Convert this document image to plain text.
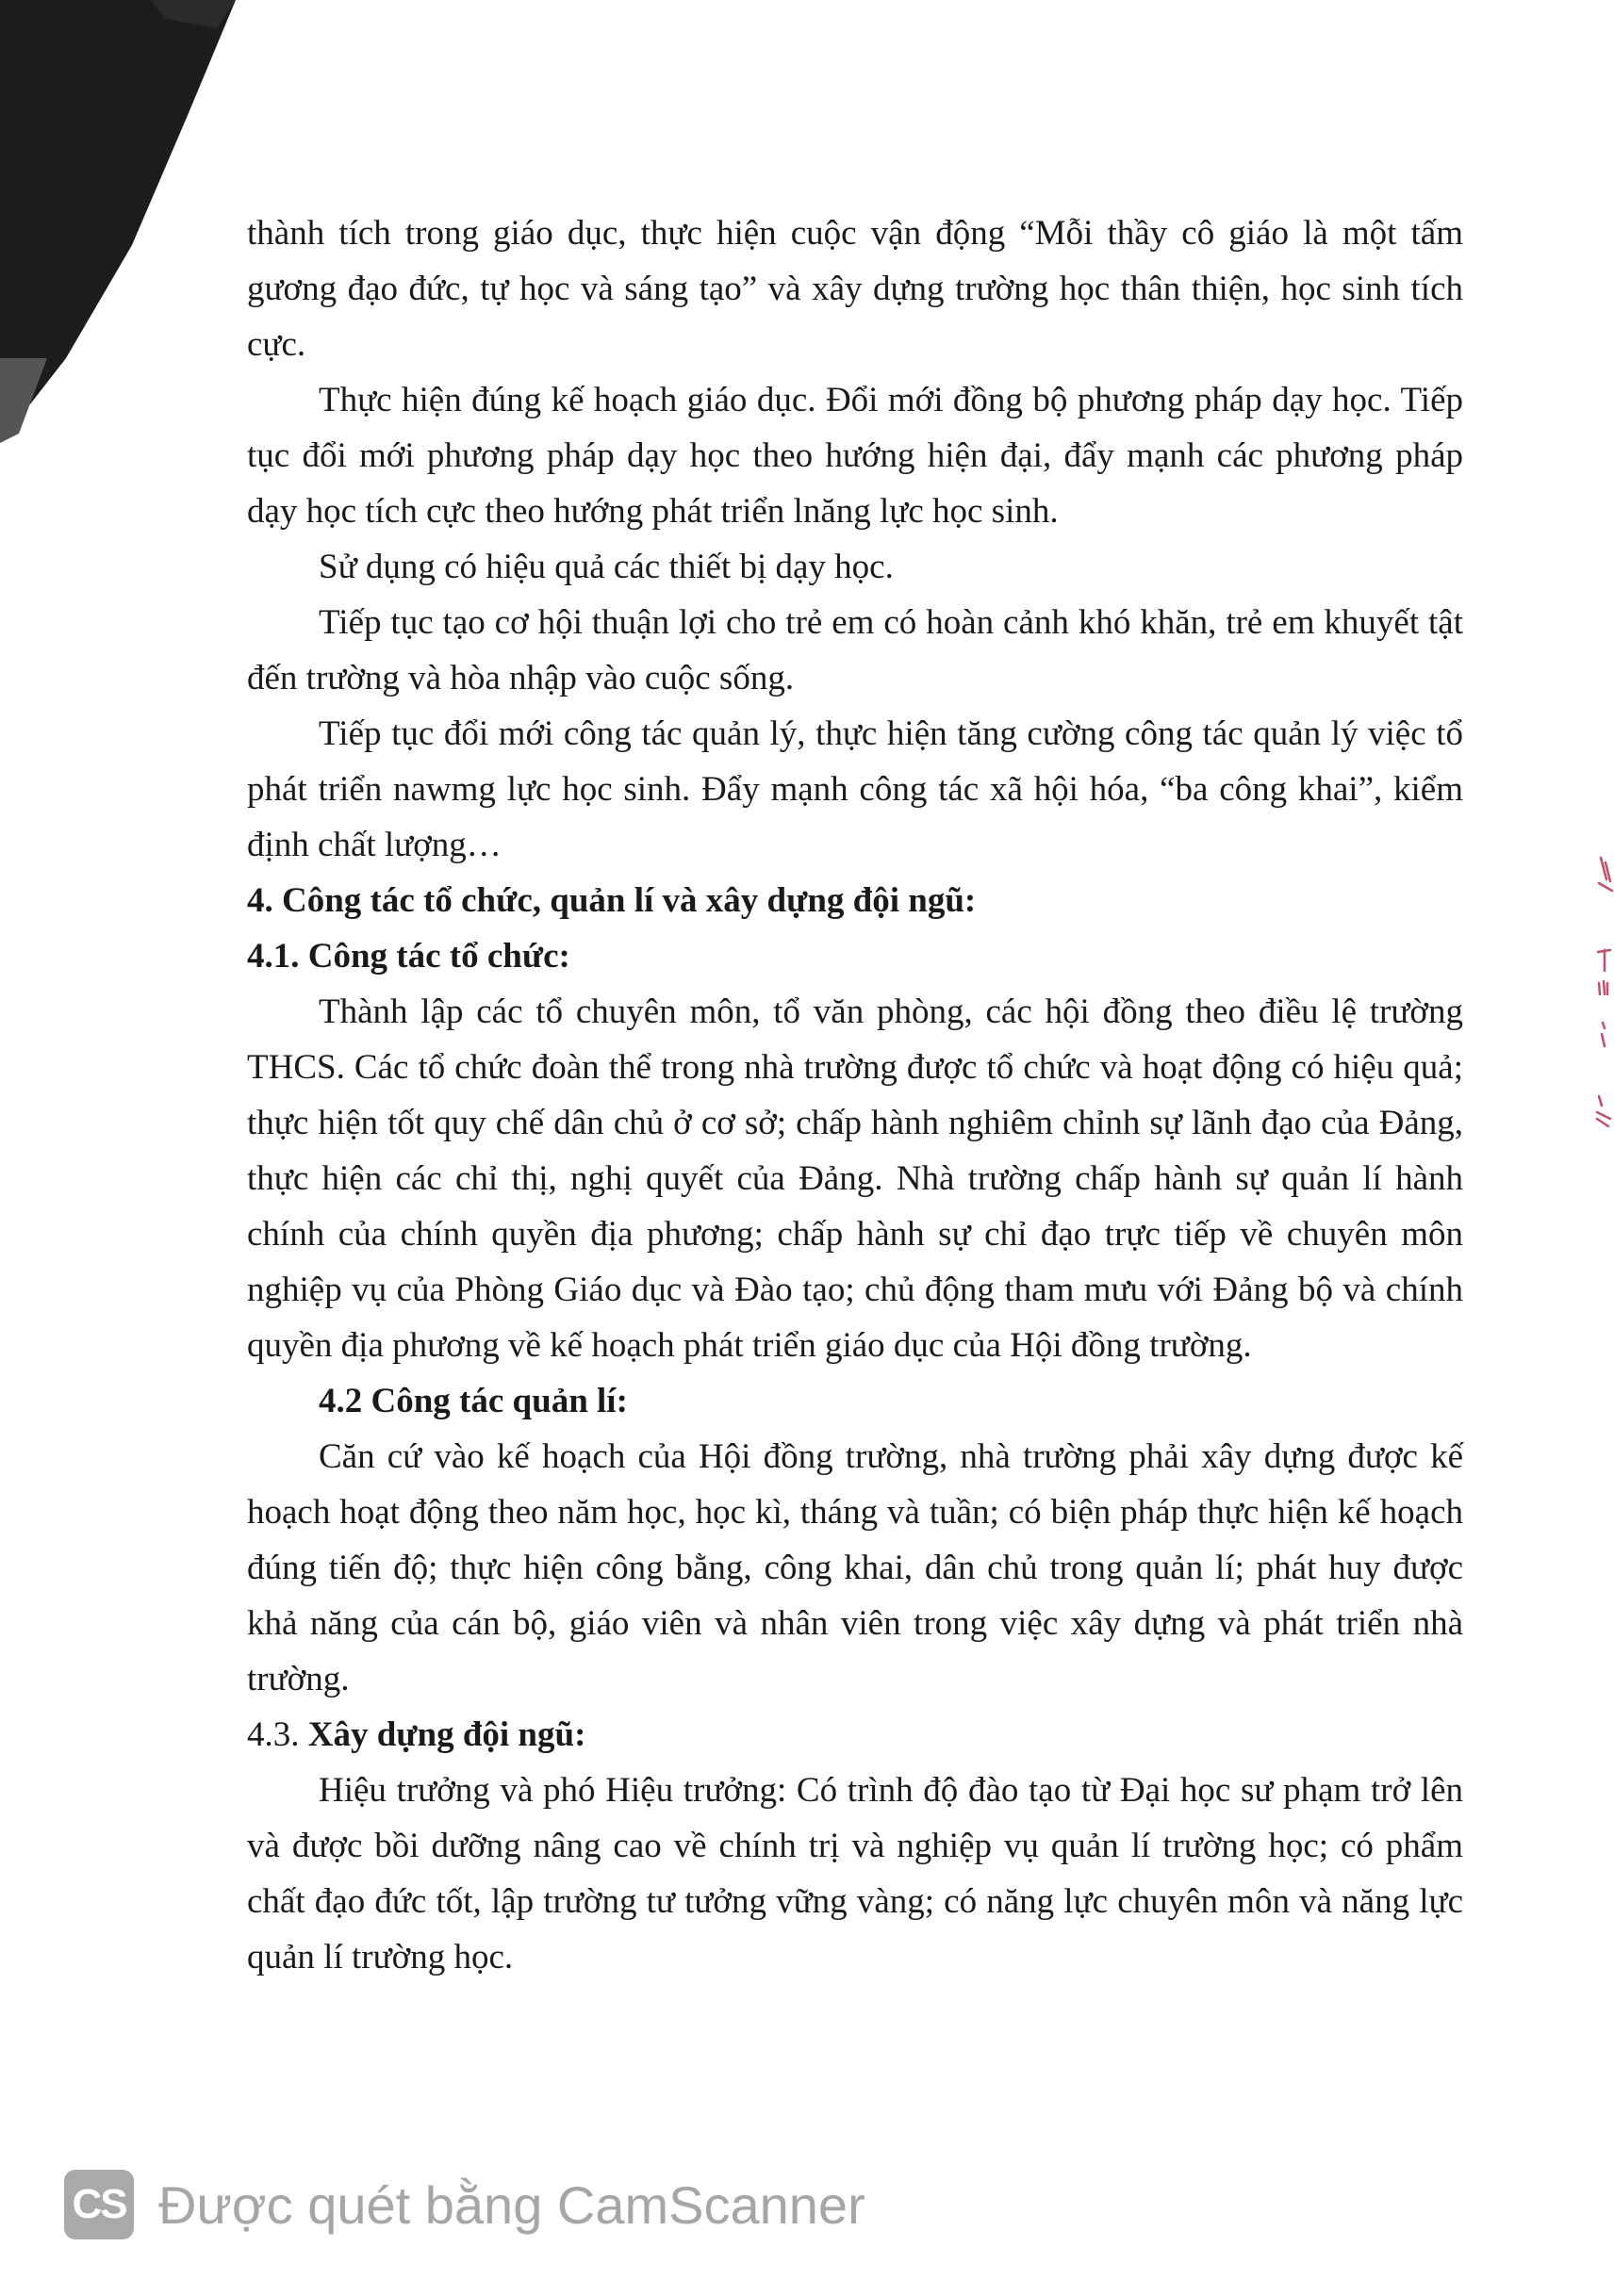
thành tích trong giáo dục, thực hiện cuộc vận động “Mỗi thầy cô giáo là một tấm gương đạo đức, tự học và sáng tạo” và xây dựng trường học thân thiện, học sinh tích cực.

Thực hiện đúng kế hoạch giáo dục. Đổi mới đồng bộ phương pháp dạy học. Tiếp tục đổi mới phương pháp dạy học theo hướng hiện đại, đẩy mạnh các phương pháp dạy học tích cực theo hướng phát triển lnăng lực học sinh.

Sử dụng có hiệu quả các thiết bị dạy học.

Tiếp tục tạo cơ hội thuận lợi cho trẻ em có hoàn cảnh khó khăn, trẻ em khuyết tật đến trường và hòa nhập vào cuộc sống.

Tiếp tục đổi mới công tác quản lý, thực hiện tăng cường công tác quản lý việc tổ phát triển nawmg lực học sinh. Đẩy mạnh công tác xã hội hóa, “ba công khai”, kiểm định chất lượng…

4. Công tác tổ chức, quản lí và xây dựng đội ngũ:
4.1. Công tác tổ chức:

Thành lập các tổ chuyên môn, tổ văn phòng, các hội đồng theo điều lệ trường THCS. Các tổ chức đoàn thể trong nhà trường được tổ chức và hoạt động có hiệu quả; thực hiện tốt quy chế dân chủ ở cơ sở; chấp hành nghiêm chỉnh sự lãnh đạo của Đảng, thực hiện các chỉ thị, nghị quyết của Đảng. Nhà trường chấp hành sự quản lí hành chính của chính quyền địa phương; chấp hành sự chỉ đạo trực tiếp về chuyên môn nghiệp vụ của Phòng Giáo dục và Đào tạo; chủ động tham mưu với Đảng bộ và chính quyền địa phương về kế hoạch phát triển giáo dục của Hội đồng trường.

4.2 Công tác quản lí:

Căn cứ vào kế hoạch của Hội đồng trường, nhà trường phải xây dựng được kế hoạch hoạt động theo năm học, học kì, tháng và tuần; có biện pháp thực hiện kế hoạch đúng tiến độ; thực hiện công bằng, công khai, dân chủ trong quản lí; phát huy được khả năng của cán bộ, giáo viên và nhân viên trong việc xây dựng và phát triển nhà trường.

4.3. Xây dựng đội ngũ:

Hiệu trưởng và phó Hiệu trưởng: Có trình độ đào tạo từ Đại học sư phạm trở lên và được bồi dưỡng nâng cao về chính trị và nghiệp vụ quản lí trường học; có phẩm chất đạo đức tốt, lập trường tư tưởng vững vàng; có năng lực chuyên môn và năng lực quản lí trường học.

CS Được quét bằng CamScanner
